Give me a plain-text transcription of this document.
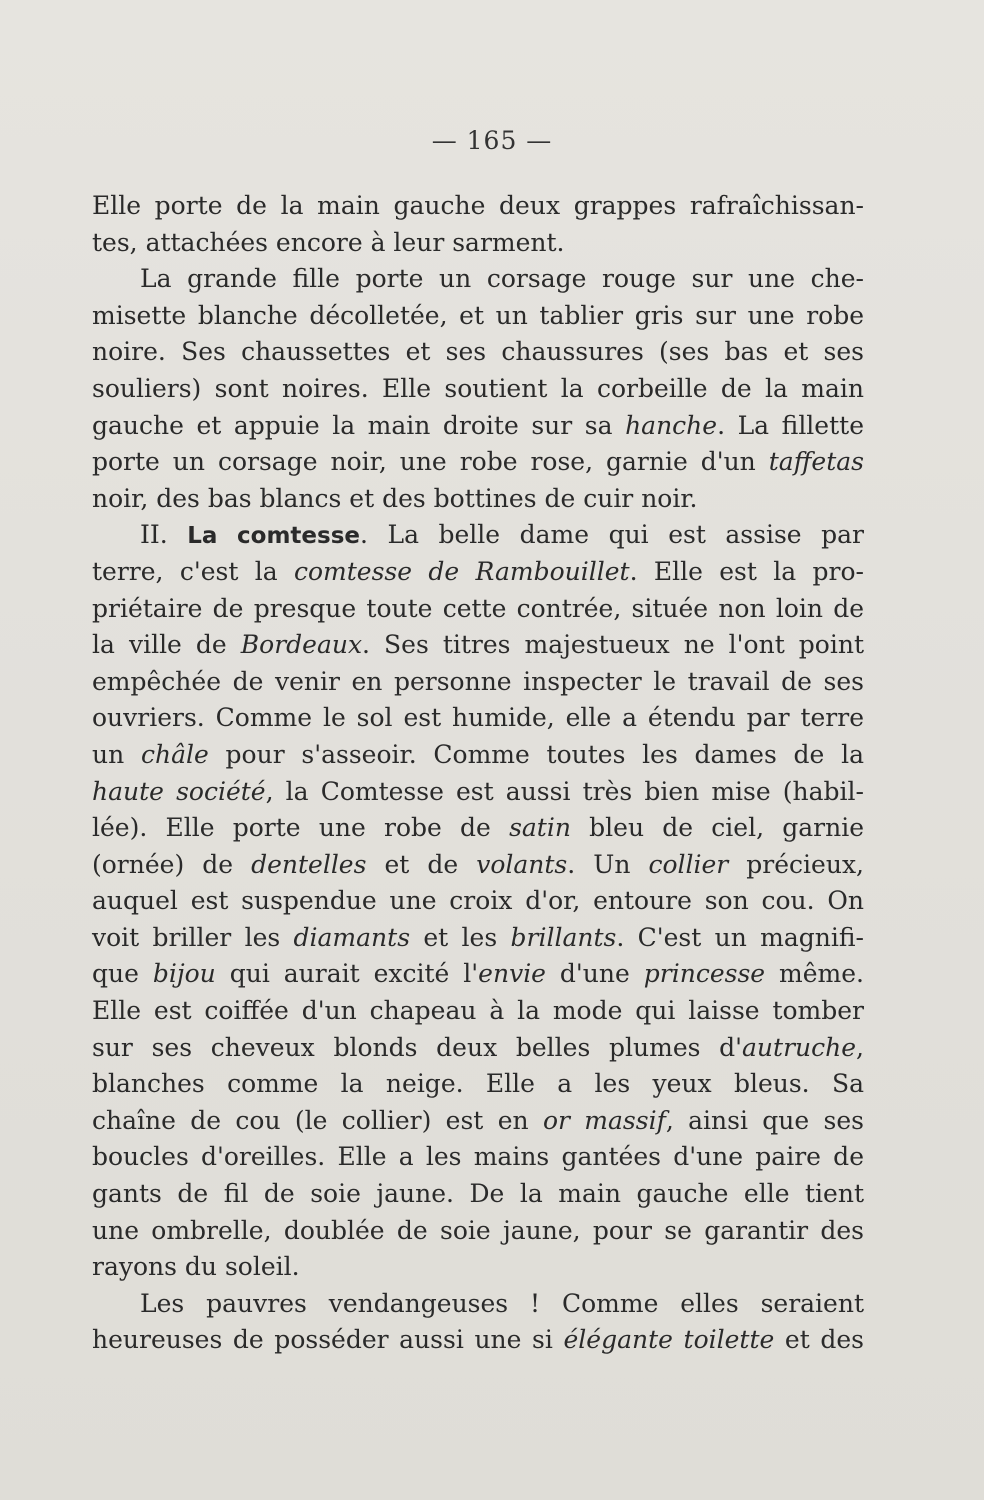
— 165 —
Elle porte de la main gauche deux grappes rafraîchissan-
tes, attachées encore à leur sarment.
La grande fille porte un corsage rouge sur une che-
misette blanche décolletée, et un tablier gris sur une robe
noire. Ses chaussettes et ses chaussures (ses bas et ses
souliers) sont noires. Elle soutient la corbeille de la main
gauche et appuie la main droite sur sa hanche. La fillette
porte un corsage noir, une robe rose, garnie d'un taffetas
noir, des bas blancs et des bottines de cuir noir.
II. La comtesse. La belle dame qui est assise par
terre, c'est la comtesse de Rambouillet. Elle est la pro-
priétaire de presque toute cette contrée, située non loin de
la ville de Bordeaux. Ses titres majestueux ne l'ont point
empêchée de venir en personne inspecter le travail de ses
ouvriers. Comme le sol est humide, elle a étendu par terre
un châle pour s'asseoir. Comme toutes les dames de la
haute société, la Comtesse est aussi très bien mise (habil-
lée). Elle porte une robe de satin bleu de ciel, garnie
(ornée) de dentelles et de volants. Un collier précieux,
auquel est suspendue une croix d'or, entoure son cou. On
voit briller les diamants et les brillants. C'est un magnifi-
que bijou qui aurait excité l'envie d'une princesse même.
Elle est coiffée d'un chapeau à la mode qui laisse tomber
sur ses cheveux blonds deux belles plumes d'autruche,
blanches comme la neige. Elle a les yeux bleus. Sa
chaîne de cou (le collier) est en or massif, ainsi que ses
boucles d'oreilles. Elle a les mains gantées d'une paire de
gants de fil de soie jaune. De la main gauche elle tient
une ombrelle, doublée de soie jaune, pour se garantir des
rayons du soleil.
Les pauvres vendangeuses ! Comme elles seraient
heureuses de posséder aussi une si élégante toilette et des
